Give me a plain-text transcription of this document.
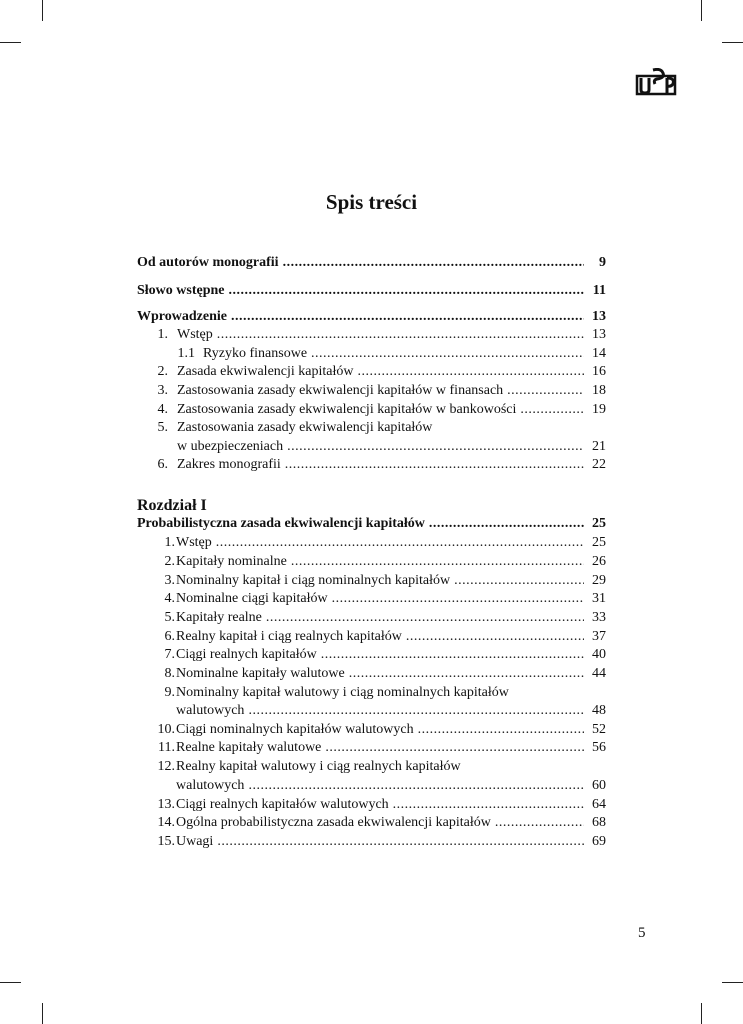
Spis treści
Od autorów monografii . . .	9
Słowo wstępne . . .	11
Wprowadzenie . . .	13
1. Wstęp . . .	13
1.1 Ryzyko finansowe . . .	14
2. Zasada ekwiwalencji kapitałów . . .	16
3. Zastosowania zasady ekwiwalencji kapitałów w finansach . . .	18
4. Zastosowania zasady ekwiwalencji kapitałów w bankowości . . .	19
5. Zastosowania zasady ekwiwalencji kapitałów
w ubezpieczeniach . . .	21
6. Zakres monografii . . .	22
Rozdział I
Probabilistyczna zasada ekwiwalencji kapitałów . . .	25
1. Wstęp . . .	25
2. Kapitały nominalne . . .	26
3. Nominalny kapitał i ciąg nominalnych kapitałów . . .	29
4. Nominalne ciągi kapitałów . . .	31
5. Kapitały realne . . .	33
6. Realny kapitał i ciąg realnych kapitałów . . .	37
7. Ciągi realnych kapitałów . . .	40
8. Nominalne kapitały walutowe . . .	44
9. Nominalny kapitał walutowy i ciąg nominalnych kapitałów
walutowych . . .	48
10. Ciągi nominalnych kapitałów walutowych . . .	52
11. Realne kapitały walutowe . . .	56
12. Realny kapitał walutowy i ciąg realnych kapitałów
walutowych . . .	60
13. Ciągi realnych kapitałów walutowych . . .	64
14. Ogólna probabilistyczna zasada ekwiwalencji kapitałów . . .	68
15. Uwagi . . .	69
5
